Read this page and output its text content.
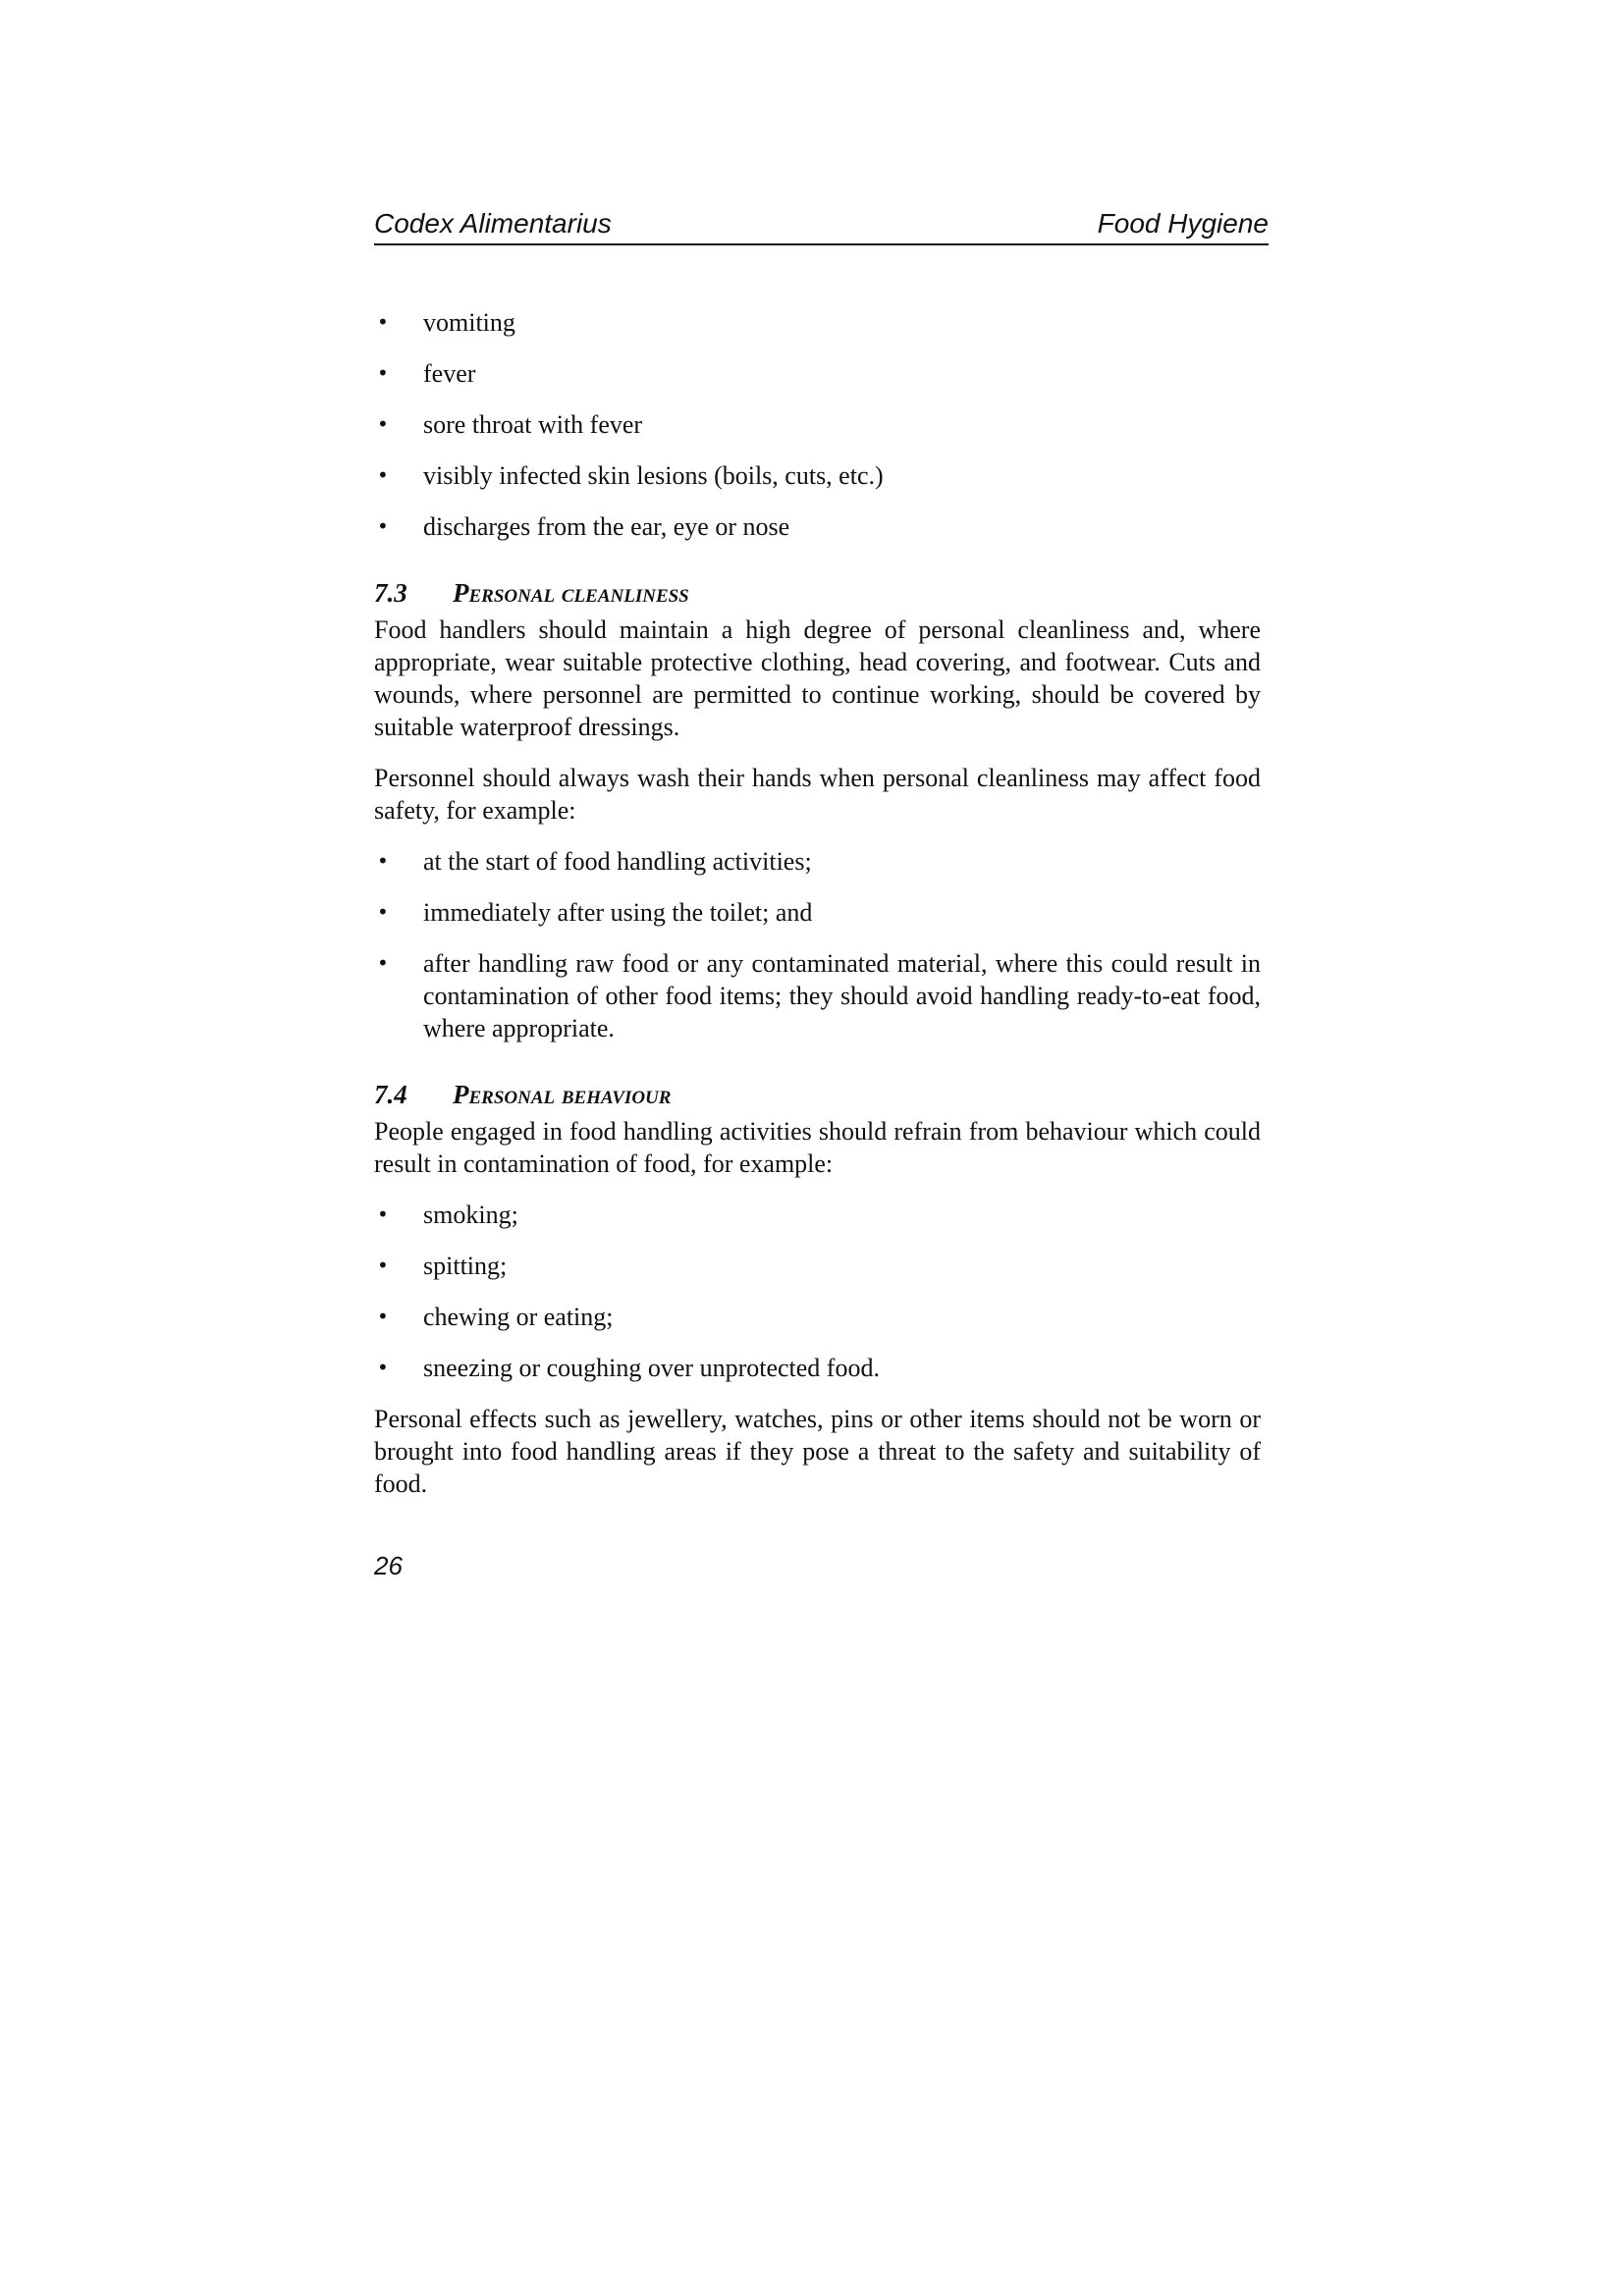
Codex Alimentarius	Food Hygiene
• vomiting
• fever
• sore throat with fever
• visibly infected skin lesions (boils, cuts, etc.)
• discharges from the ear, eye or nose
7.3 Personal cleanliness

Food handlers should maintain a high degree of personal cleanliness and, where appropriate, wear suitable protective clothing, head covering, and footwear. Cuts and wounds, where personnel are permitted to continue working, should be covered by suitable waterproof dressings.

Personnel should always wash their hands when personal cleanliness may affect food safety, for example:

• at the start of food handling activities;
• immediately after using the toilet; and
• after handling raw food or any contaminated material, where this could result in contamination of other food items; they should avoid handling ready-to-eat food, where appropriate.
7.4 Personal behaviour

People engaged in food handling activities should refrain from behaviour which could result in contamination of food, for example:

• smoking;
• spitting;
• chewing or eating;
• sneezing or coughing over unprotected food.

Personal effects such as jewellery, watches, pins or other items should not be worn or brought into food handling areas if they pose a threat to the safety and suitability of food.

26
